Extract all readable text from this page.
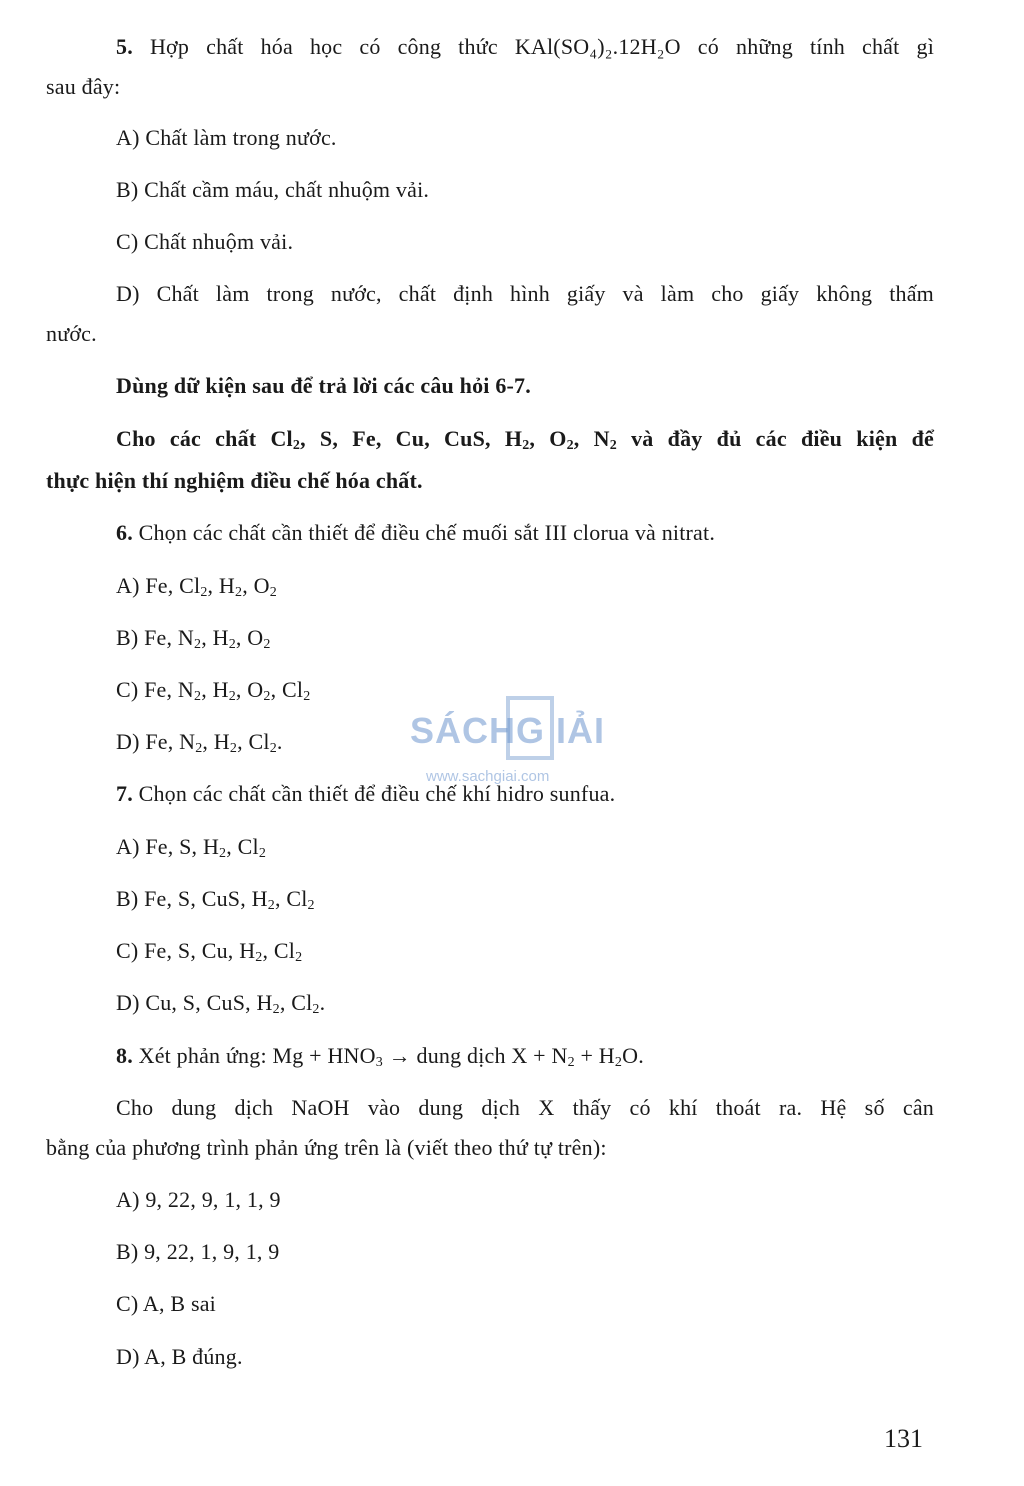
5. Hợp chất hóa học có công thức KAl(SO₄)₂.12H₂O có những tính chất gì
sau đây:
A) Chất làm trong nước.
B) Chất cầm máu, chất nhuộm vải.
C) Chất nhuộm vải.
D) Chất làm trong nước, chất định hình giấy và làm cho giấy không thấm
nước.
Dùng dữ kiện sau để trả lời các câu hỏi 6-7.
Cho các chất $Cl_2$, S, Fe, Cu, CuS, $H_2$, $O_2$, $N_2$ và đầy đủ các điều kiện để
thực hiện thí nghiệm điều chế hóa chất.
6. Chọn các chất cần thiết để điều chế muối sắt III clorua và nitrat.
A) Fe, $Cl_2$, $H_2$, $O_2$
B) Fe, $N_2$, $H_2$, $O_2$
C) Fe, $N_2$, $H_2$, $O_2$, $Cl_2$
D) Fe, $N_2$, $H_2$, $Cl_2$.
7. Chọn các chất cần thiết để điều chế khí hidro sunfua.
A) Fe, S, $H_2$, $Cl_2$
B) Fe, S, CuS, $H_2$, $Cl_2$
C) Fe, S, Cu, $H_2$, $Cl_2$
D) Cu, S, CuS, $H_2$, $Cl_2$.
8. Xét phản ứng: $Mg + HNO_3$ → dung dịch $X + N_2 + H_2O$.
Cho dung dịch NaOH vào dung dịch X thấy có khí thoát ra. Hệ số cân
bằng của phương trình phản ứng trên là (viết theo thứ tự trên):
A) 9, 22, 9, 1, 1, 9
B) 9, 22, 1, 9, 1, 9
C) A, B sai
D) A, B đúng.
SÁCH G IẢI
www.sachgiai.com
131
